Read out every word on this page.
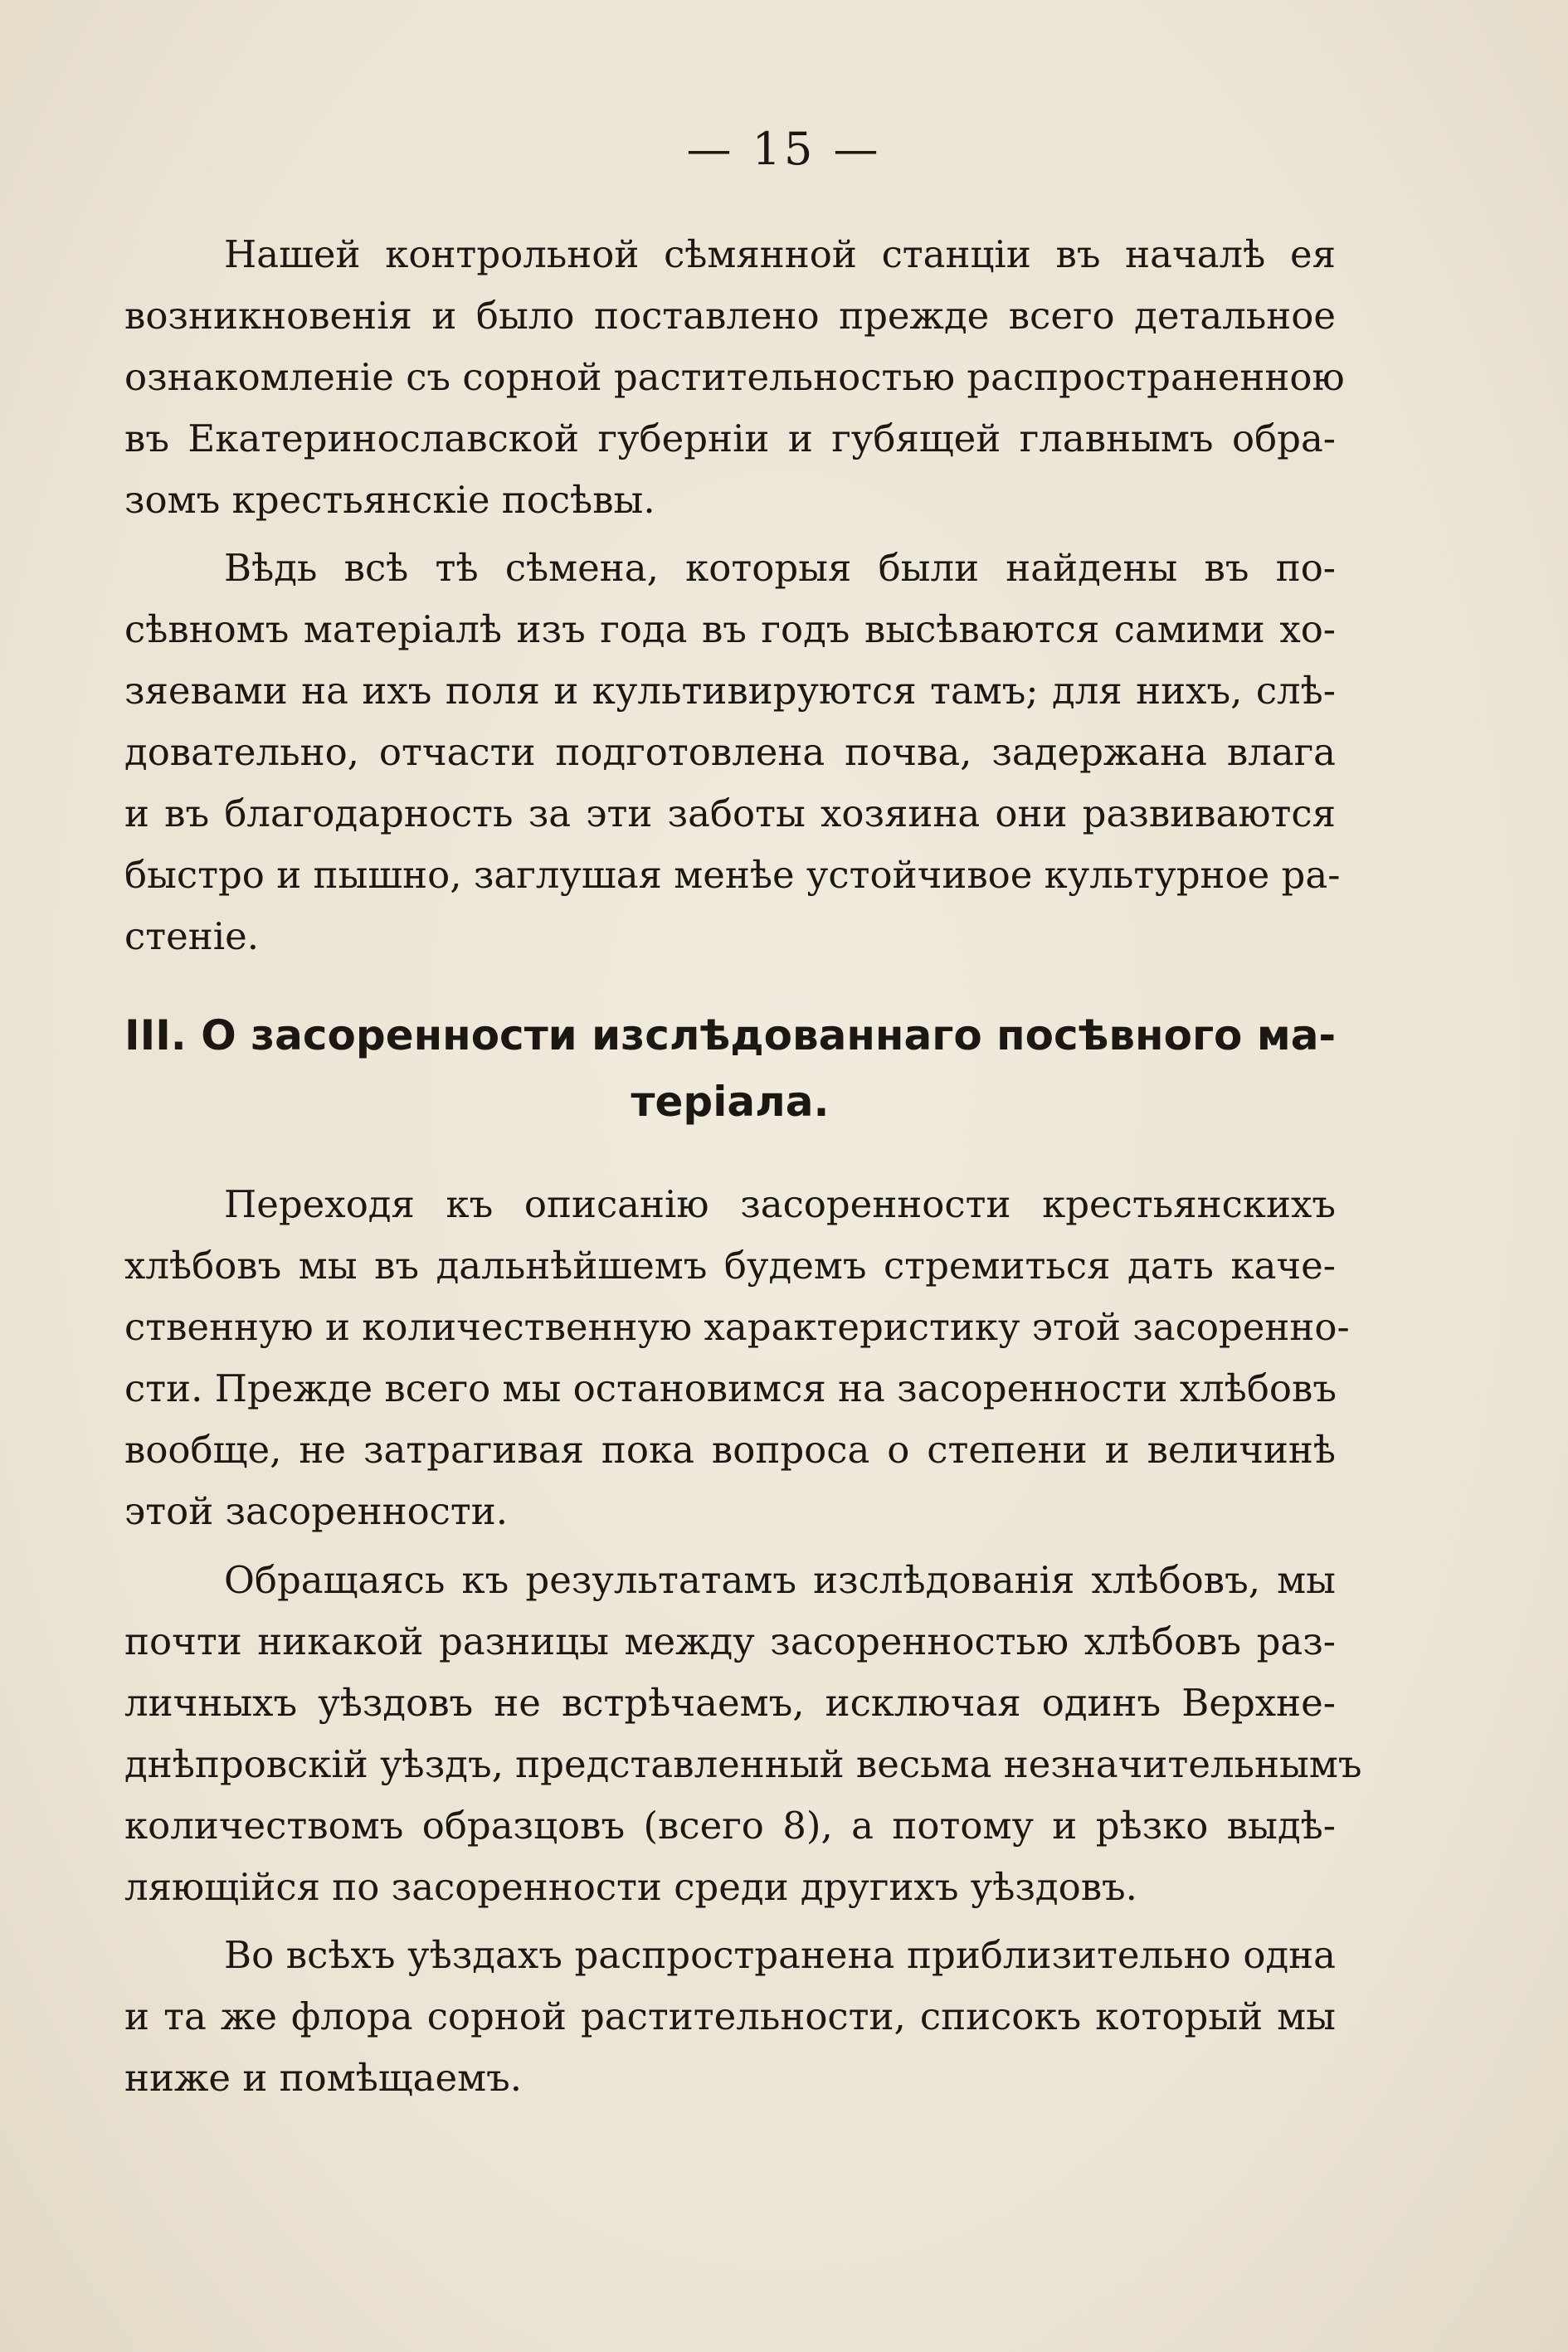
— 15 —
Нашей контрольной сѣмянной станціи въ началѣ ея
возникновенія и было поставлено прежде всего детальное
ознакомленіе съ сорной растительностью распространенною
въ Екатеринославской губерніи и губящей главнымъ обра-
зомъ крестьянскіе посѣвы.
Вѣдь всѣ тѣ сѣмена, которыя были найдены въ по-
сѣвномъ матеріалѣ изъ года въ годъ высѣваются самими хо-
зяевами на ихъ поля и культивируются тамъ; для нихъ, слѣ-
довательно, отчасти подготовлена почва, задержана влага
и въ благодарность за эти заботы хозяина они развиваются
быстро и пышно, заглушая менѣе устойчивое культурное ра-
стеніе.
III. О засоренности изслѣдованнаго посѣвного ма-
теріала.
Переходя къ описанію засоренности крестьянскихъ
хлѣбовъ мы въ дальнѣйшемъ будемъ стремиться дать каче-
ственную и количественную характеристику этой засоренно-
сти. Прежде всего мы остановимся на засоренности хлѣбовъ
вообще, не затрагивая пока вопроса о степени и величинѣ
этой засоренности.
Обращаясь къ результатамъ изслѣдованія хлѣбовъ, мы
почти никакой разницы между засоренностью хлѣбовъ раз-
личныхъ уѣздовъ не встрѣчаемъ, исключая одинъ Верхне-
днѣпровскій уѣздъ, представленный весьма незначительнымъ
количествомъ образцовъ (всего 8), а потому и рѣзко выдѣ-
ляющійся по засоренности среди другихъ уѣздовъ.
Во всѣхъ уѣздахъ распространена приблизительно одна
и та же флора сорной растительности, списокъ который мы
ниже и помѣщаемъ.
